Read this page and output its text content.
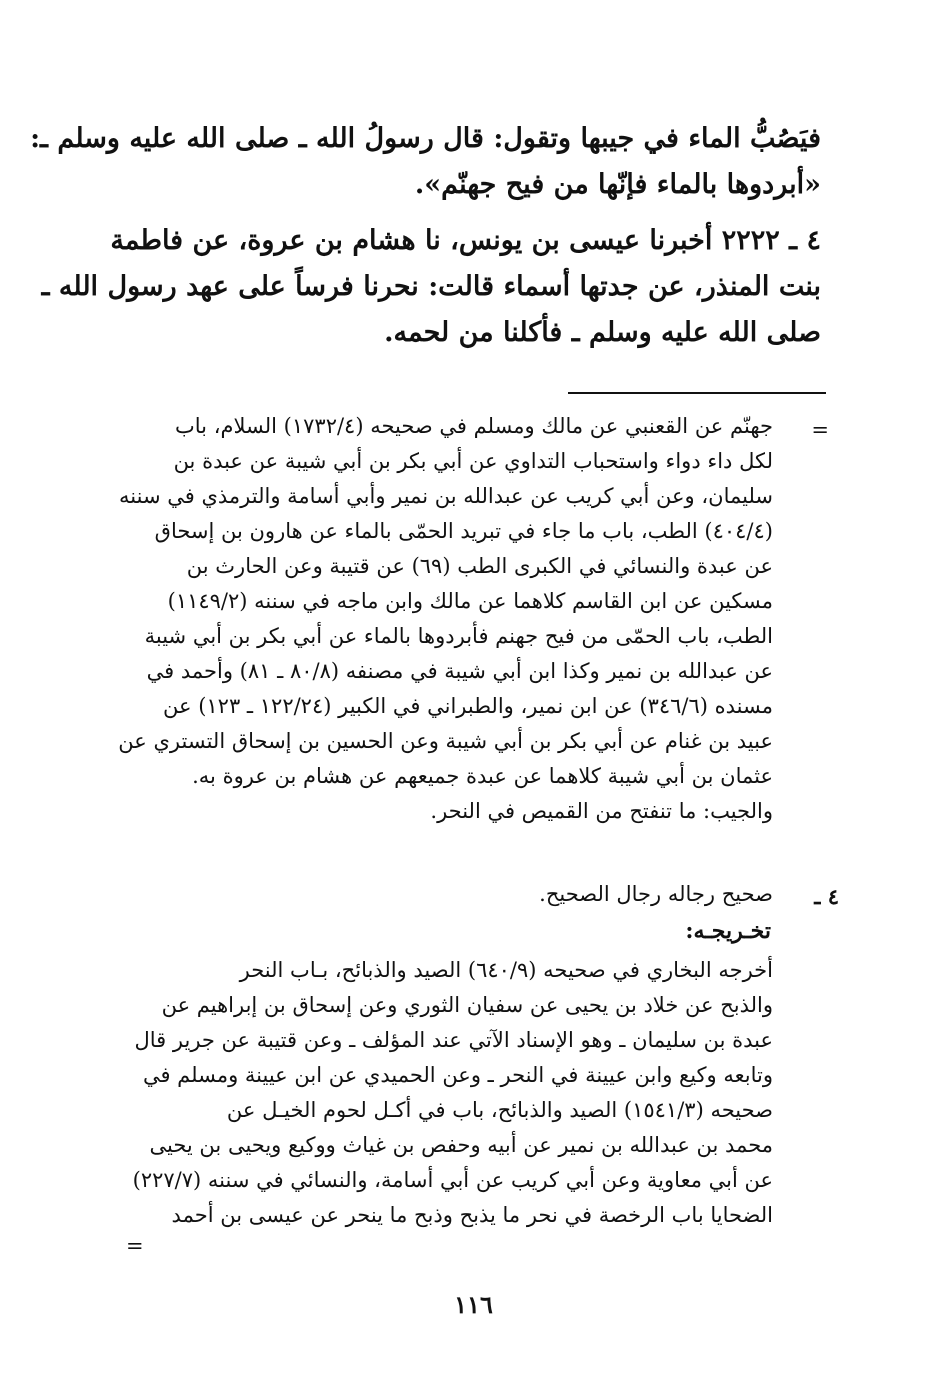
فيَصُبُّ الماء في جيبها وتقول: قال رسولُ الله ـ صلى الله عليه وسلم ـ:
«أبردوها بالماء فإنّها من فيح جهنّم».
٤ ـ ٢٢٢٢ أخبرنا عيسى بن يونس، نا هشام بن عروة، عن فاطمة
بنت المنذر، عن جدتها أسماء قالت: نحرنا فرساً على عهد رسول الله ـ
صلى الله عليه وسلم ـ فأكلنا من لحمه.
=
جهنّم عن القعنبي عن مالك ومسلم في صحيحه (١٧٣٢/٤) السلام، باب
لكل داء دواء واستحباب التداوي عن أبي بكر بن أبي شيبة عن عبدة بن
سليمان، وعن أبي كريب عن عبدالله بن نمير وأبي أسامة والترمذي في سننه
(٤٠٤/٤) الطب، باب ما جاء في تبريد الحمّى بالماء عن هارون بن إسحاق
عن عبدة والنسائي في الكبرى الطب (٦٩) عن قتيبة وعن الحارث بن
مسكين عن ابن القاسم كلاهما عن مالك وابن ماجه في سننه (١١٤٩/٢)
الطب، باب الحمّى من فيح جهنم فأبردوها بالماء عن أبي بكر بن أبي شيبة
عن عبدالله بن نمير وكذا ابن أبي شيبة في مصنفه (٨٠/٨ ـ ٨١) وأحمد في
مسنده (٣٤٦/٦) عن ابن نمير، والطبراني في الكبير (١٢٢/٢٤ ـ ١٢٣) عن
عبيد بن غنام عن أبي بكر بن أبي شيبة وعن الحسين بن إسحاق التستري عن
عثمان بن أبي شيبة كلاهما عن عبدة جميعهم عن هشام بن عروة به.
والجيب: ما تنفتح من القميص في النحر.
٤ ـ
صحيح رجاله رجال الصحيح.
تخـريجـه:
أخرجه البخاري في صحيحه (٦٤٠/٩) الصيد والذبائح، بـاب النحر
والذبح عن خلاد بن يحيى عن سفيان الثوري وعن إسحاق بن إبراهيم عن
عبدة بن سليمان ـ وهو الإسناد الآتي عند المؤلف ـ وعن قتيبة عن جرير قال
وتابعه وكيع وابن عيينة في النحر ـ وعن الحميدي عن ابن عيينة ومسلم في
صحيحه (١٥٤١/٣) الصيد والذبائح، باب في أكـل لحوم الخيـل عن
محمد بن عبدالله بن نمير عن أبيه وحفص بن غياث ووكيع ويحيى بن يحيى
عن أبي معاوية وعن أبي كريب عن أبي أسامة، والنسائي في سننه (٢٢٧/٧)
الضحايا باب الرخصة في نحر ما يذبح وذبح ما ينحر عن عيسى بن أحمد
=
١١٦
